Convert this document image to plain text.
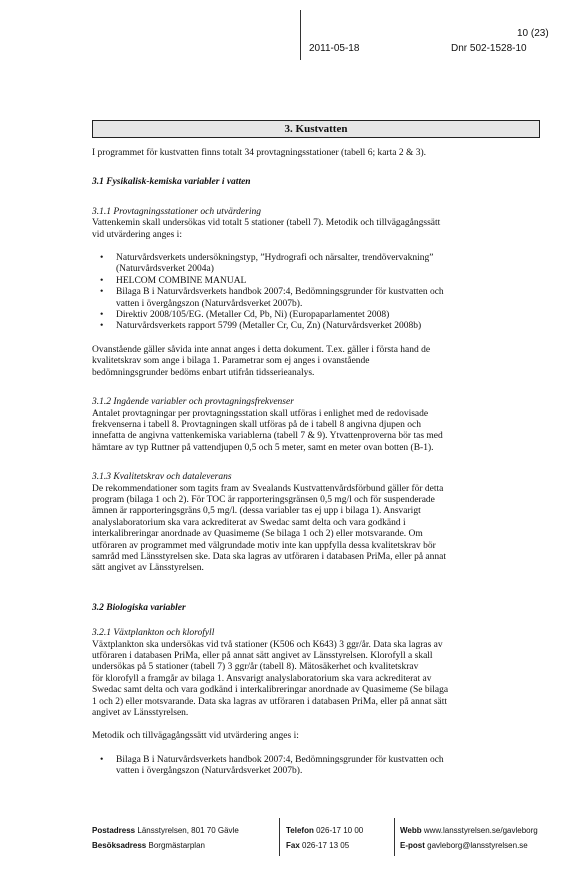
10 (23)
2011-05-18	Dnr 502-1528-10
3. Kustvatten

I programmet för kustvatten finns totalt 34 provtagningsstationer (tabell 6; karta 2 & 3).

3.1 Fysikalisk-kemiska variabler i vatten

3.1.1 Provtagningsstationer och utvärdering

Vattenkemin skall undersökas vid totalt 5 stationer (tabell 7). Metodik och tillvägagångssätt

vid utvärdering anges i:

• Naturvårdsverkets undersökningstyp, ”Hydrografi och närsalter, trendövervakning”

(Naturvårdsverket 2004a)

• HELCOM COMBINE MANUAL

• Bilaga B i Naturvårdsverkets handbok 2007:4, Bedömningsgrunder för kustvatten och

vatten i övergångszon (Naturvårdsverket 2007b).

• Direktiv 2008/105/EG. (Metaller Cd, Pb, Ni) (Europaparlamentet 2008)

• Naturvårdsverkets rapport 5799 (Metaller Cr, Cu, Zn) (Naturvårdsverket 2008b)

Ovanstående gäller såvida inte annat anges i detta dokument. T.ex. gäller i första hand de

kvalitetskrav som ange i bilaga 1. Parametrar som ej anges i ovanstående

bedömningsgrunder bedöms enbart utifrån tidsserieanalys.

3.1.2 Ingående variabler och provtagningsfrekvenser

Antalet provtagningar per provtagningsstation skall utföras i enlighet med de redovisade

frekvenserna i tabell 8. Provtagningen skall utföras på de i tabell 8 angivna djupen och

innefatta de angivna vattenkemiska variablerna (tabell 7 & 9). Ytvattenproverna bör tas med

hämtare av typ Ruttner på vattendjupen 0,5 och 5 meter, samt en meter ovan botten (B-1).

3.1.3 Kvalitetskrav och dataleverans

De rekommendationer som tagits fram av Svealands Kustvattenvårdsförbund gäller för detta

program (bilaga 1 och 2). För TOC är rapporteringsgränsen 0,5 mg/l och för suspenderade

ämnen är rapporteringsgräns 0,5 mg/l. (dessa variabler tas ej upp i bilaga 1). Ansvarigt

analyslaboratorium ska vara ackrediterat av Swedac samt delta och vara godkänd i

interkalibreringar anordnade av Quasimeme (Se bilaga 1 och 2) eller motsvarande. Om

utföraren av programmet med välgrundade motiv inte kan uppfylla dessa kvalitetskrav bör

samråd med Länsstyrelsen ske. Data ska lagras av utföraren i databasen PriMa, eller på annat

sätt angivet av Länsstyrelsen.

3.2 Biologiska variabler

3.2.1 Växtplankton och klorofyll

Växtplankton ska undersökas vid två stationer (K506 och K643) 3 ggr/år. Data ska lagras av

utföraren i databasen PriMa, eller på annat sätt angivet av Länsstyrelsen. Klorofyll a skall

undersökas på 5 stationer (tabell 7) 3 ggr/år (tabell 8). Mätosäkerhet och kvalitetskrav

för klorofyll a framgår av bilaga 1. Ansvarigt analyslaboratorium ska vara ackrediterat av

Swedac samt delta och vara godkänd i interkalibreringar anordnade av Quasimeme (Se bilaga

1 och 2) eller motsvarande. Data ska lagras av utföraren i databasen PriMa, eller på annat sätt

angivet av Länsstyrelsen.

Metodik och tillvägagångssätt vid utvärdering anges i:

• Bilaga B i Naturvårdsverkets handbok 2007:4, Bedömningsgrunder för kustvatten och

vatten i övergångszon (Naturvårdsverket 2007b).

Postadress Länsstyrelsen, 801 70 Gävle
Besöksadress Borgmästarplan
Telefon 026-17 10 00
Fax 026-17 13 05
Webb www.lansstyrelsen.se/gavleborg
E-post gavleborg@lansstyrelsen.se
